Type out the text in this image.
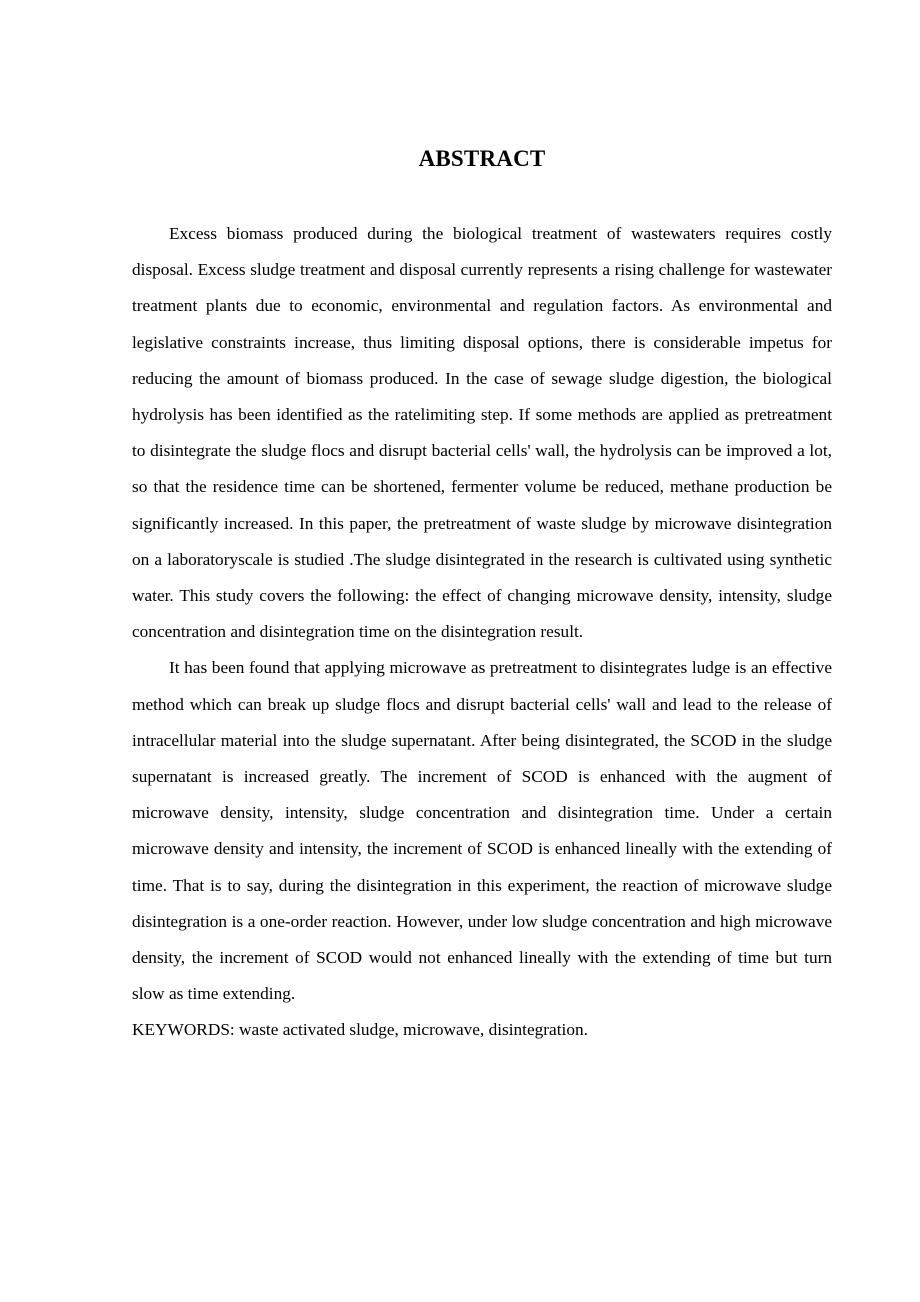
ABSTRACT

Excess biomass produced during the biological treatment of wastewaters requires costly disposal. Excess sludge treatment and disposal currently represents a rising challenge for wastewater treatment plants due to economic, environmental and regulation factors. As environmental and legislative constraints increase, thus limiting disposal options, there is considerable impetus for reducing the amount of biomass produced. In the case of sewage sludge digestion, the biological hydrolysis has been identified as the ratelimiting step. If some methods are applied as pretreatment to disintegrate the sludge flocs and disrupt bacterial cells' wall, the hydrolysis can be improved a lot, so that the residence time can be shortened, fermenter volume be reduced, methane production be significantly increased. In this paper, the pretreatment of waste sludge by microwave disintegration on a laboratoryscale is studied .The sludge disintegrated in the research is cultivated using synthetic water. This study covers the following: the effect of changing microwave density, intensity, sludge concentration and disintegration time on the disintegration result.

It has been found that applying microwave as pretreatment to disintegrates ludge is an effective method which can break up sludge flocs and disrupt bacterial cells' wall and lead to the release of intracellular material into the sludge supernatant. After being disintegrated, the SCOD in the sludge supernatant is increased greatly. The increment of SCOD is enhanced with the augment of microwave density, intensity, sludge concentration and disintegration time. Under a certain microwave density and intensity, the increment of SCOD is enhanced lineally with the extending of time. That is to say, during the disintegration in this experiment, the reaction of microwave sludge disintegration is a one-order reaction. However, under low sludge concentration and high microwave density, the increment of SCOD would not enhanced lineally with the extending of time but turn slow as time extending.

KEYWORDS: waste activated sludge, microwave, disintegration.
